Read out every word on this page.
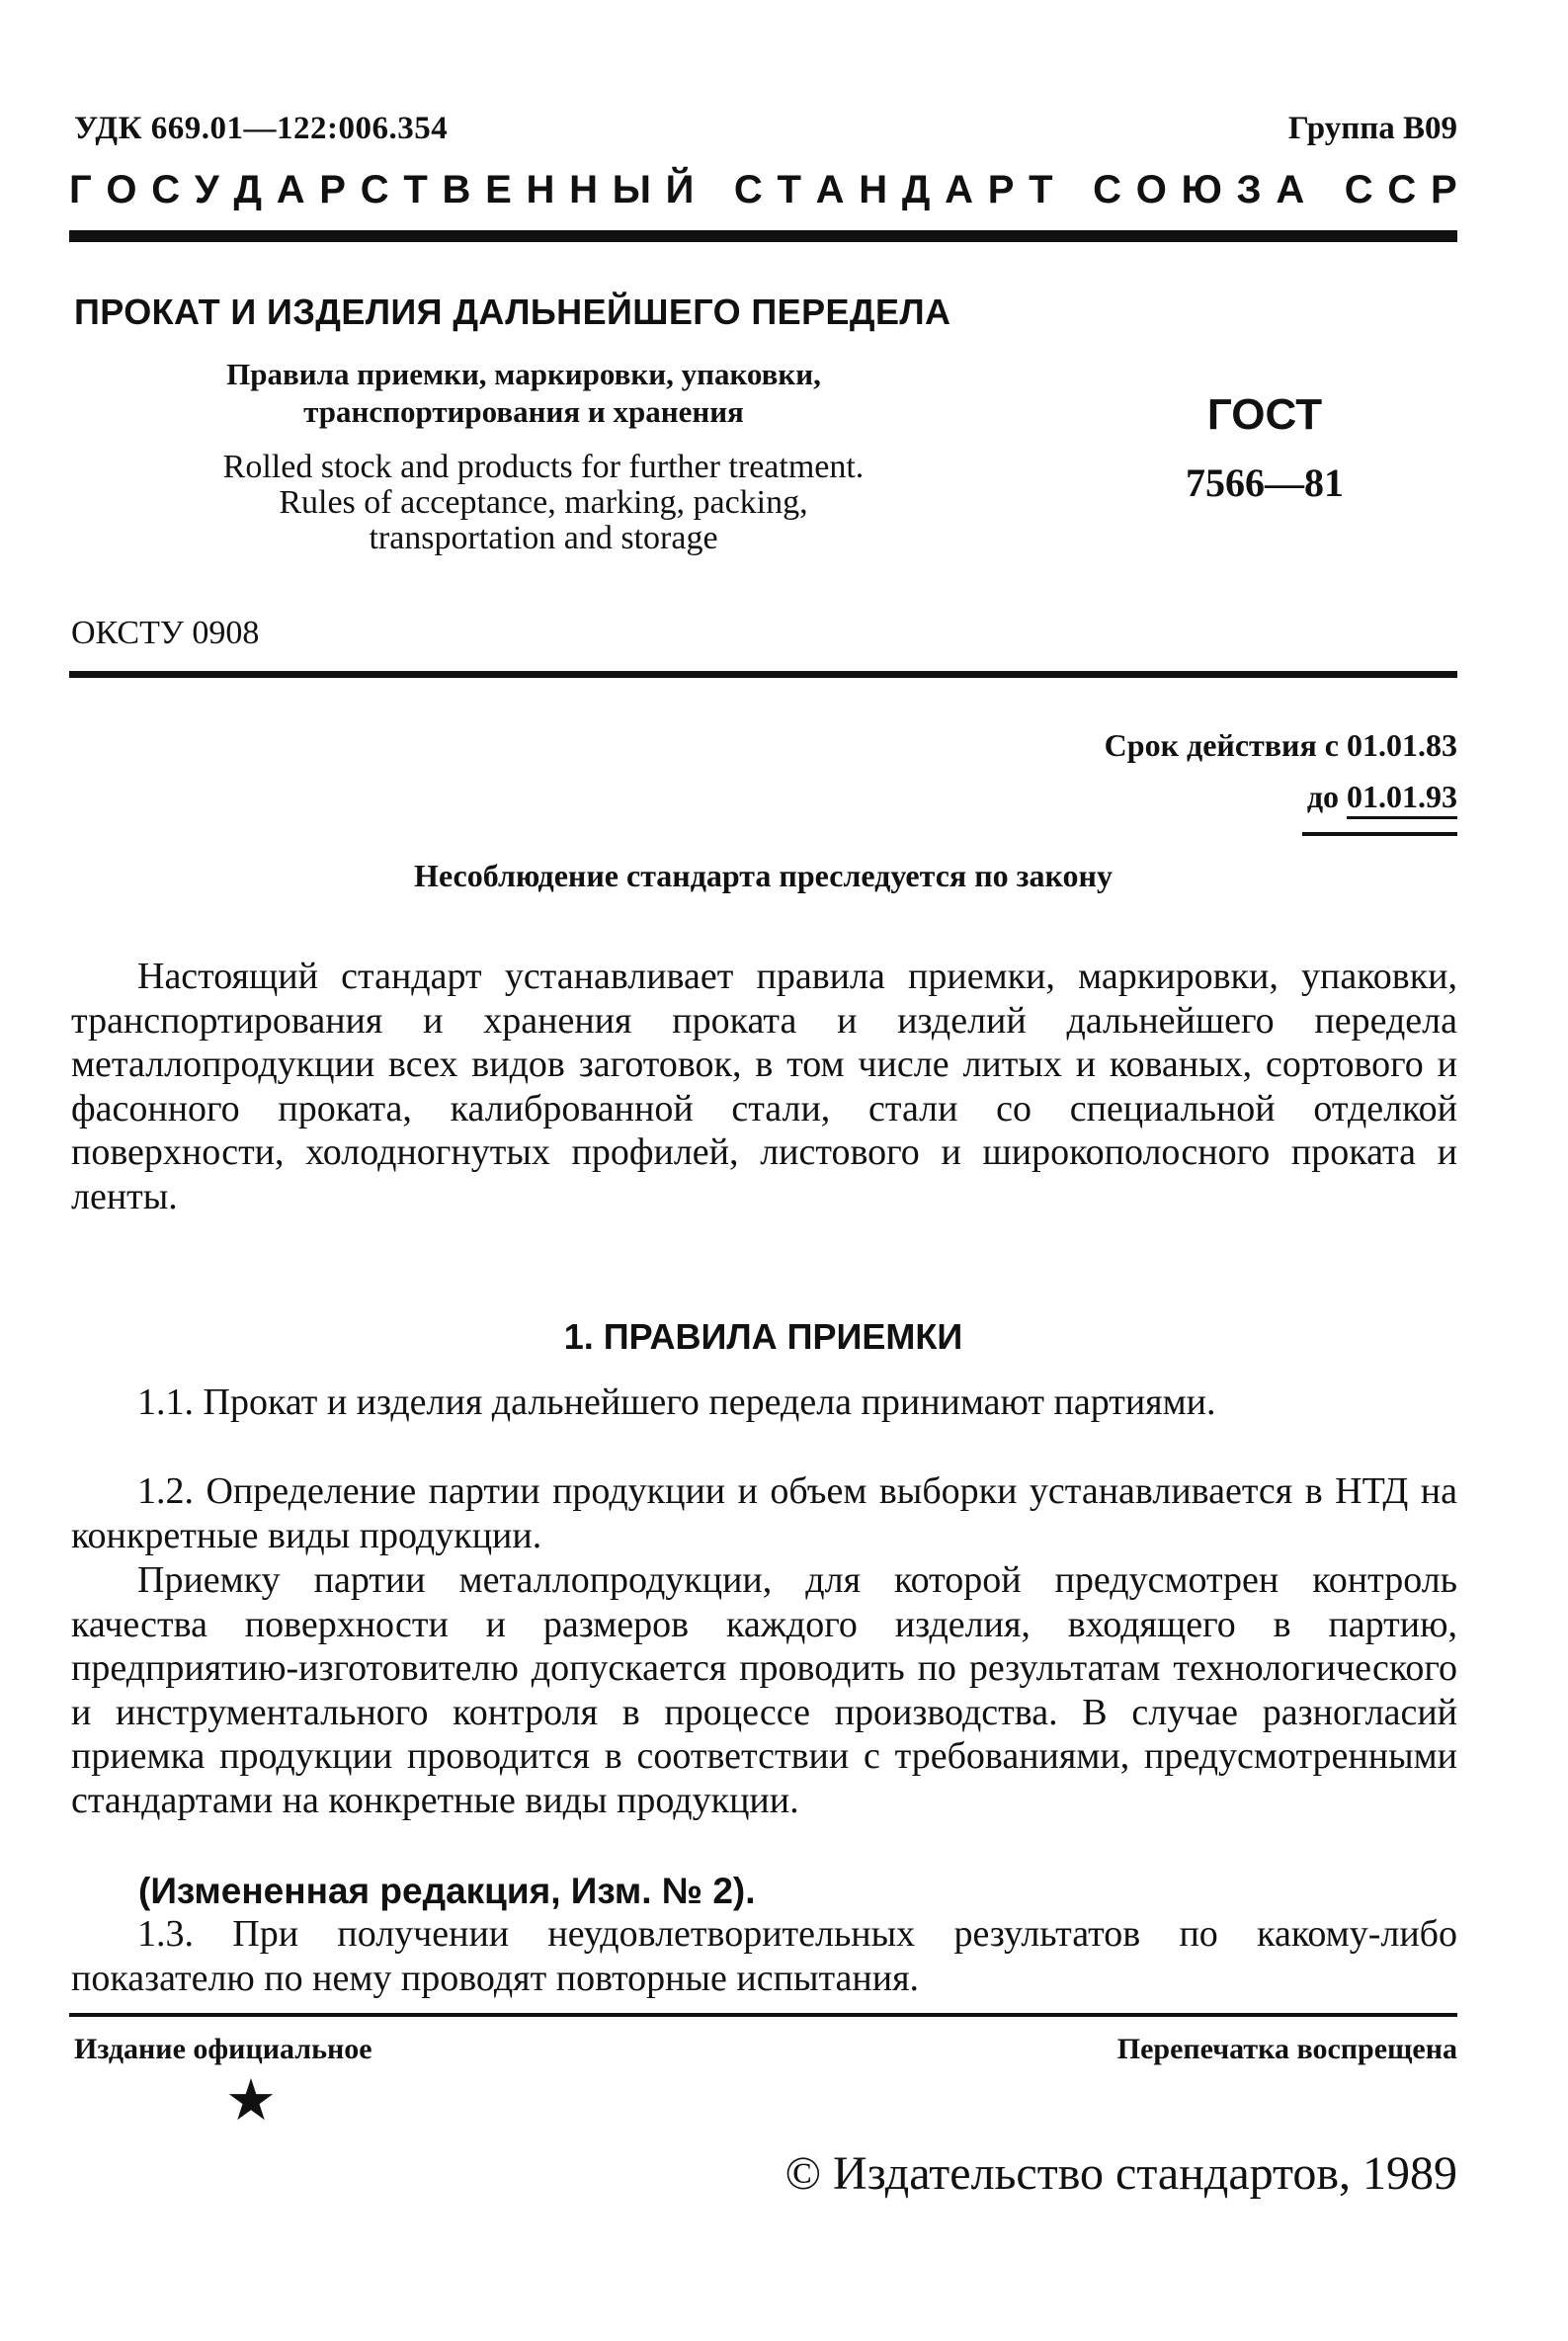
УДК 669.01—122:006.354	Группа В09
Г О С У Д А Р С Т В Е Н Н Ы Й
С Т А Н Д А Р Т
С О Ю З А
С С Р
ПРОКАТ И ИЗДЕЛИЯ ДАЛЬНЕЙШЕГО ПЕРЕДЕЛА
Правила приемки, маркировки, упаковки,
транспортирования и хранения
Rolled stock and products for further treatment.
Rules of acceptance, marking, packing,
transportation and storage
ГОСТ
7566—81
ОКСТУ 0908
Срок действия с 01.01.83
до 01.01.93
Несоблюдение стандарта преследуется по закону
Настоящий стандарт устанавливает правила приемки, маркировки, упаковки, транспортирования и хранения проката и изделий дальнейшего передела металлопродукции всех видов заготовок, в том числе литых и кованых, сортового и фасонного проката, калиброванной стали, стали со специальной отделкой поверхности, холодногнутых профилей, листового и широкополосного проката и ленты.
1. ПРАВИЛА ПРИЕМКИ
1.1. Прокат и изделия дальнейшего передела принимают партиями.
1.2. Определение партии продукции и объем выборки устанавливается в НТД на конкретные виды продукции.
Приемку партии металлопродукции, для которой предусмотрен контроль качества поверхности и размеров каждого изделия, входящего в партию, предприятию-изготовителю допускается проводить по результатам технологического и инструментального контроля в процессе производства. В случае разногласий приемка продукции проводится в соответствии с требованиями, предусмотренными стандартами на конкретные виды продукции.
(Измененная редакция, Изм. № 2).
1.3. При получении неудовлетворительных результатов по какому-либо показателю по нему проводят повторные испытания.
Издание официальное	Перепечатка воспрещена
★
© Издательство стандартов, 1989
